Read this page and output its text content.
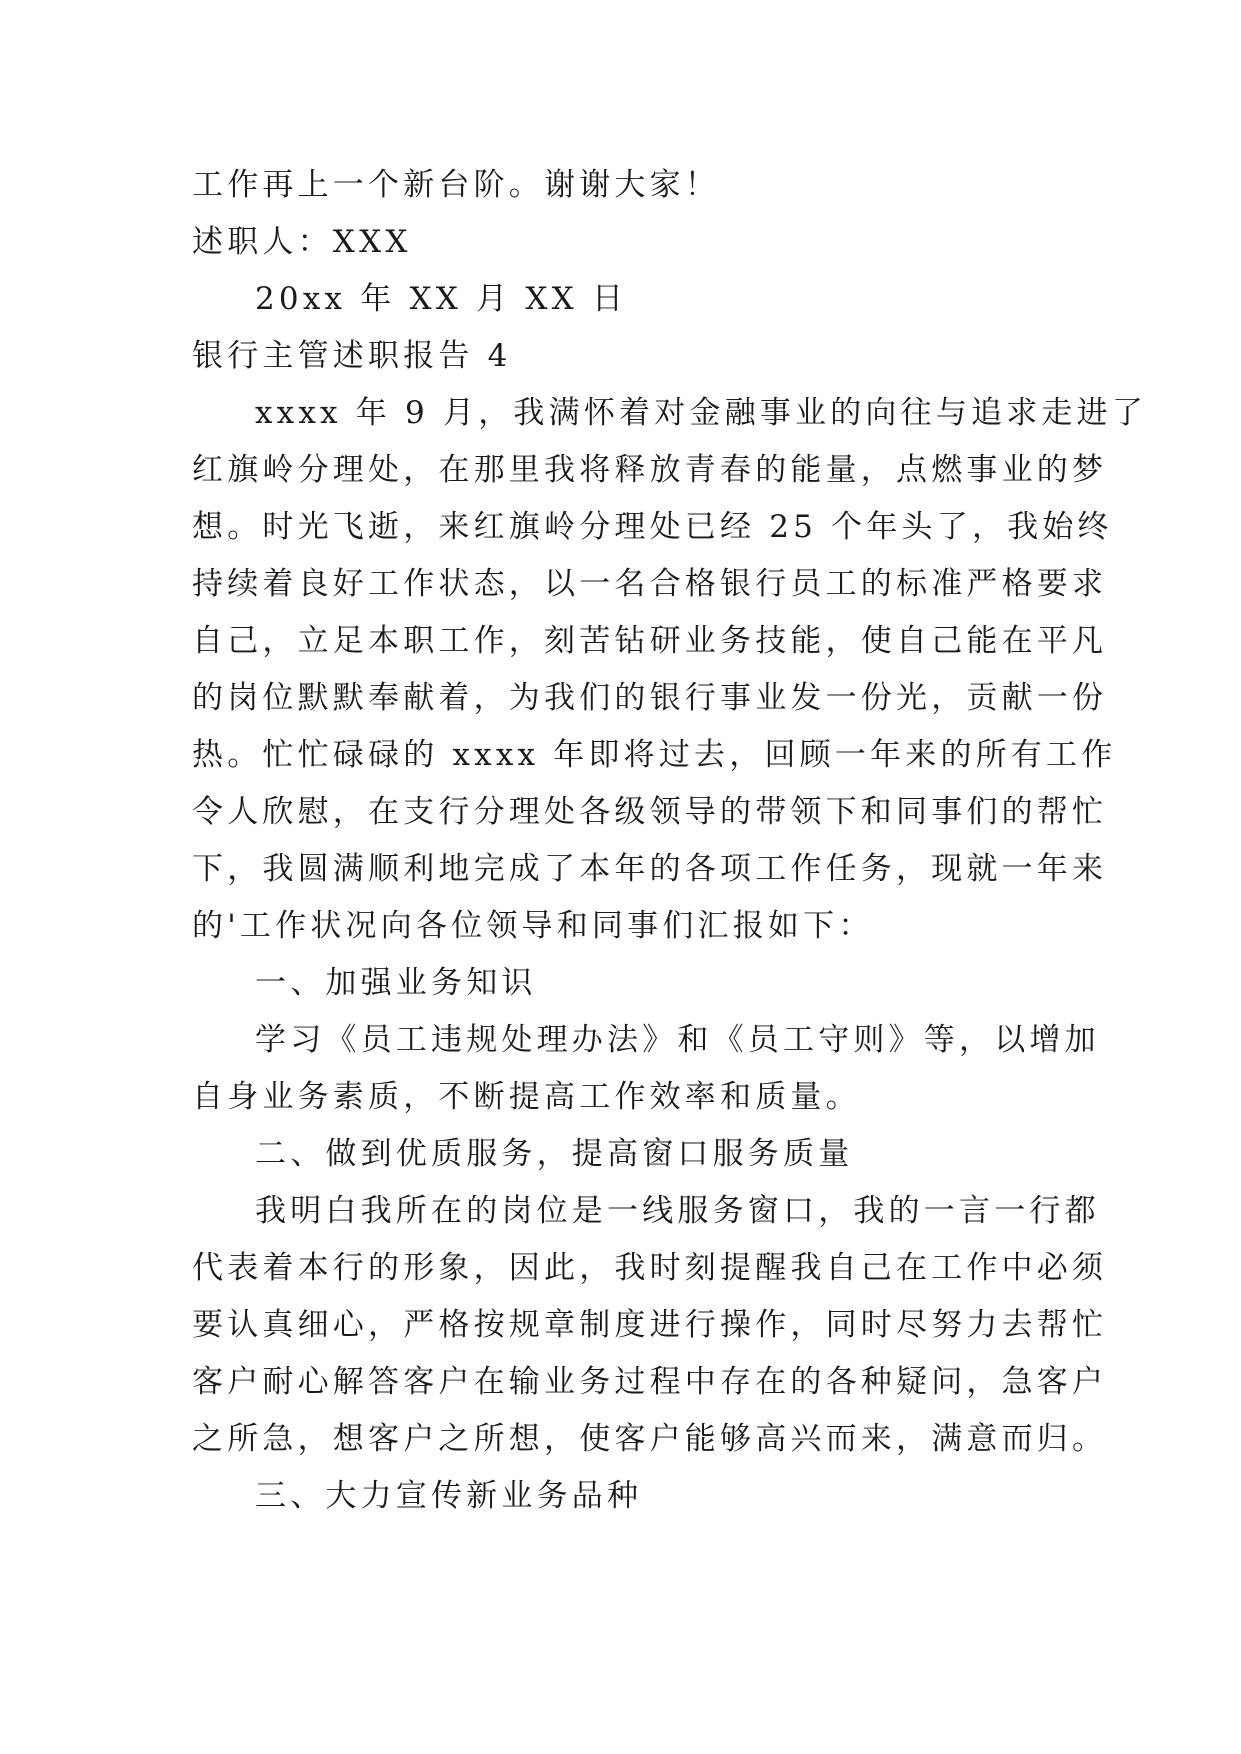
工作再上一个新台阶。谢谢大家！
述职人：XXX
20xx 年 XX 月 XX 日
银行主管述职报告 4
xxxx 年 9 月，我满怀着对金融事业的向往与追求走进了
红旗岭分理处，在那里我将释放青春的能量，点燃事业的梦
想。时光飞逝，来红旗岭分理处已经 25 个年头了，我始终
持续着良好工作状态，以一名合格银行员工的标准严格要求
自己，立足本职工作，刻苦钻研业务技能，使自己能在平凡
的岗位默默奉献着，为我们的银行事业发一份光，贡献一份
热。忙忙碌碌的 xxxx 年即将过去，回顾一年来的所有工作
令人欣慰，在支行分理处各级领导的带领下和同事们的帮忙
下，我圆满顺利地完成了本年的各项工作任务，现就一年来
的'工作状况向各位领导和同事们汇报如下：
一、加强业务知识
学习《员工违规处理办法》和《员工守则》等，以增加
自身业务素质，不断提高工作效率和质量。
二、做到优质服务，提高窗口服务质量
我明白我所在的岗位是一线服务窗口，我的一言一行都
代表着本行的形象，因此，我时刻提醒我自己在工作中必须
要认真细心，严格按规章制度进行操作，同时尽努力去帮忙
客户耐心解答客户在输业务过程中存在的各种疑问，急客户
之所急，想客户之所想，使客户能够高兴而来，满意而归。
三、大力宣传新业务品种
